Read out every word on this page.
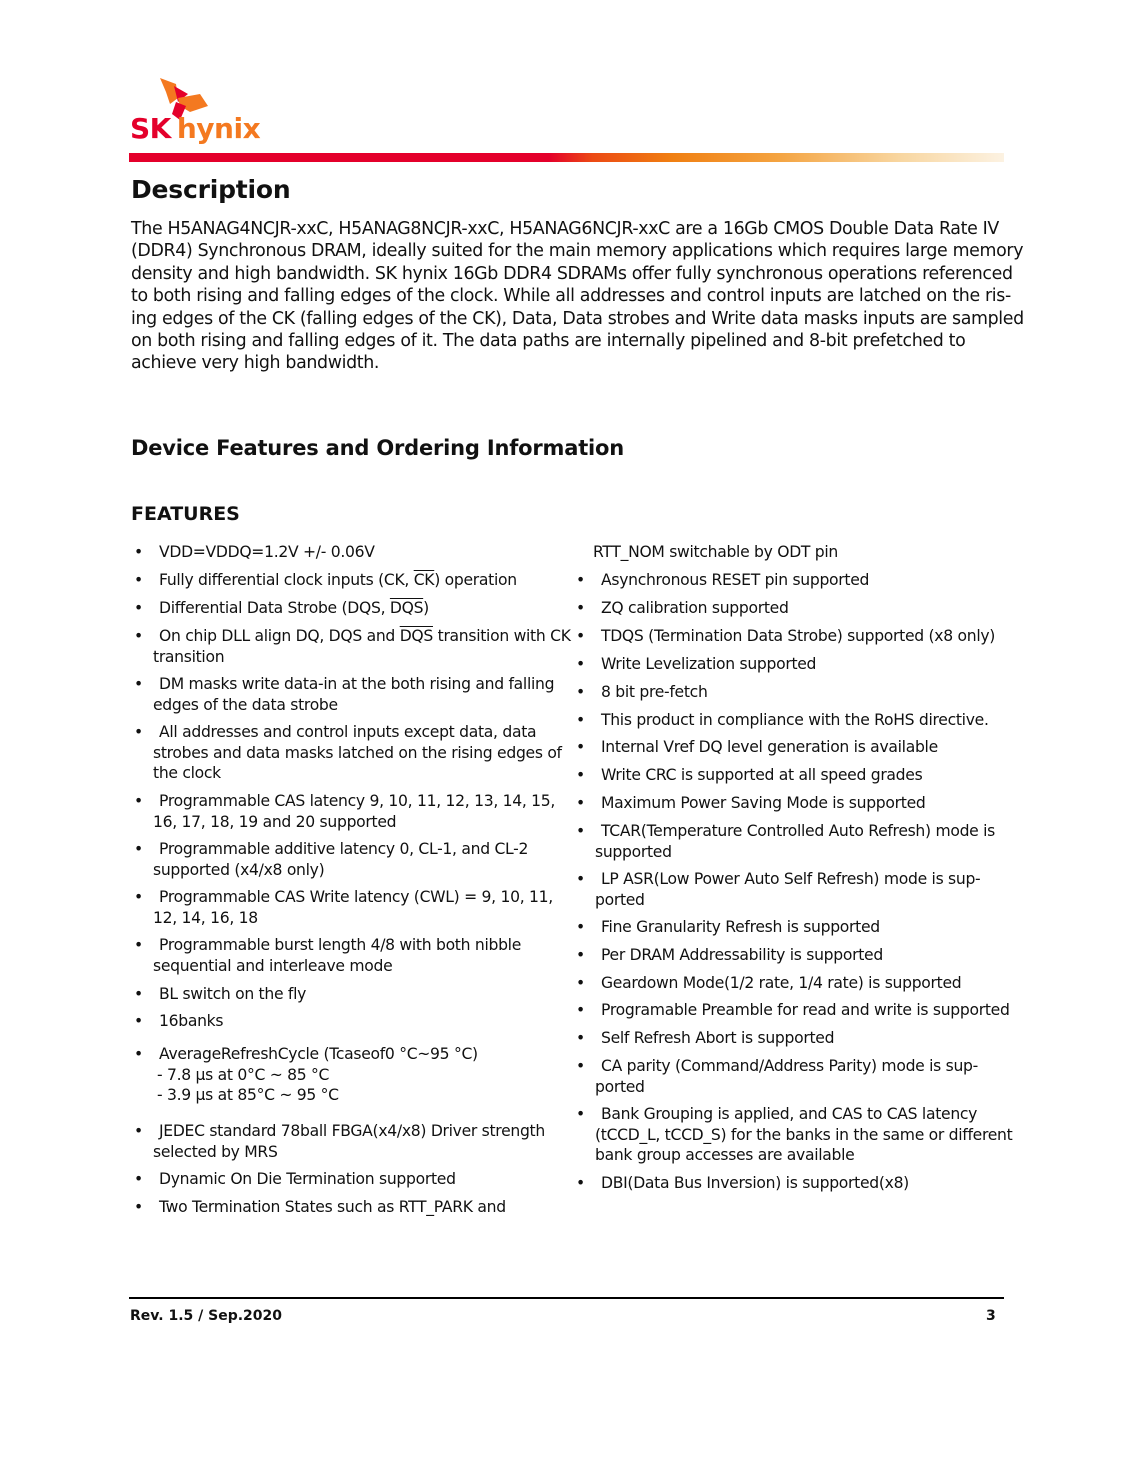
SK hynix
Description
The H5ANAG4NCJR-xxC, H5ANAG8NCJR-xxC, H5ANAG6NCJR-xxC are a 16Gb CMOS Double Data Rate IV
(DDR4) Synchronous DRAM, ideally suited for the main memory applications which requires large memory
density and high bandwidth. SK hynix 16Gb DDR4 SDRAMs offer fully synchronous operations referenced
to both rising and falling edges of the clock. While all addresses and control inputs are latched on the ris-
ing edges of the CK (falling edges of the CK), Data, Data strobes and Write data masks inputs are sampled
on both rising and falling edges of it. The data paths are internally pipelined and 8-bit prefetched to
achieve very high bandwidth.
Device Features and Ordering Information
FEATURES
•	VDD=VDDQ=1.2V +/- 0.06V
•	Fully differential clock inputs (CK, $\overline{CK}$) operation
•	Differential Data Strobe (DQS, $\overline{DQS}$)
•	On chip DLL align DQ, DQS and $\overline{DQS}$ transition with CK
transition
•	DM masks write data-in at the both rising and falling
edges of the data strobe
•	All addresses and control inputs except data, data
strobes and data masks latched on the rising edges of
the clock
•	Programmable CAS latency 9, 10, 11, 12, 13, 14, 15,
16, 17, 18, 19 and 20 supported
•	Programmable additive latency 0, CL-1, and CL-2
supported (x4/x8 only)
•	Programmable CAS Write latency (CWL) = 9, 10, 11,
12, 14, 16, 18
•	Programmable burst length 4/8 with both nibble
sequential and interleave mode
•	BL switch on the fly
•	16banks
•	AverageRefreshCycle (Tcaseof0 °C~95 °C)
- 7.8 µs at 0°C ~ 85 °C
- 3.9 µs at 85°C ~ 95 °C
•	JEDEC standard 78ball FBGA(x4/x8) Driver strength
selected by MRS
•	Dynamic On Die Termination supported
•	Two Termination States such as RTT_PARK and
RTT_NOM switchable by ODT pin
•	Asynchronous RESET pin supported
•	ZQ calibration supported
•	TDQS (Termination Data Strobe) supported (x8 only)
•	Write Levelization supported
•	8 bit pre-fetch
•	This product in compliance with the RoHS directive.
•	Internal Vref DQ level generation is available
•	Write CRC is supported at all speed grades
•	Maximum Power Saving Mode is supported
•	TCAR(Temperature Controlled Auto Refresh) mode is
supported
•	LP ASR(Low Power Auto Self Refresh) mode is sup-
ported
•	Fine Granularity Refresh is supported
•	Per DRAM Addressability is supported
•	Geardown Mode(1/2 rate, 1/4 rate) is supported
•	Programable Preamble for read and write is supported
•	Self Refresh Abort is supported
•	CA parity (Command/Address Parity) mode is sup-
ported
•	Bank Grouping is applied, and CAS to CAS latency
(tCCD_L, tCCD_S) for the banks in the same or different
bank group accesses are available
•	DBI(Data Bus Inversion) is supported(x8)
Rev. 1.5 / Sep.2020	3
